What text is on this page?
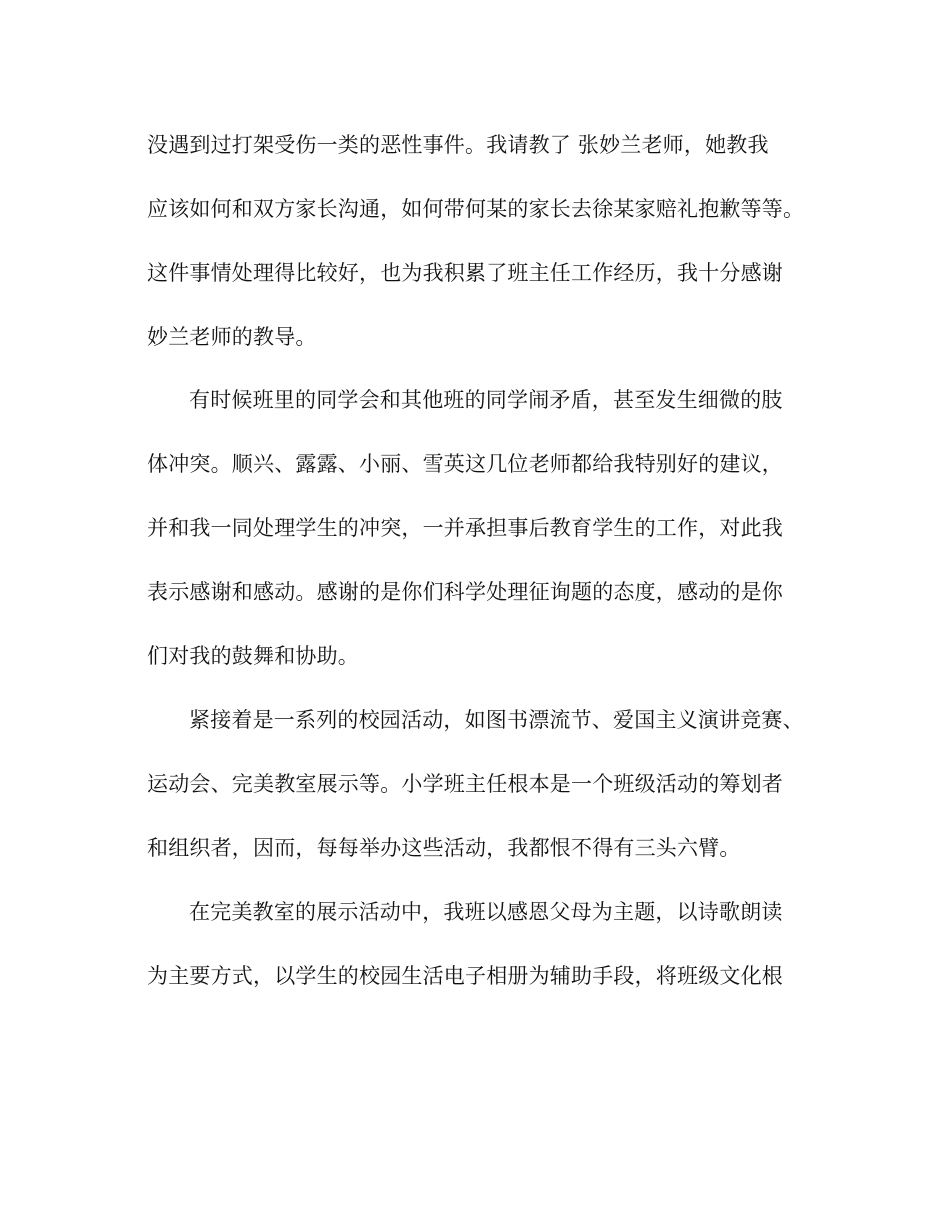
没遇到过打架受伤一类的恶性事件。我请教了 张妙兰老师，她教我

应该如何和双方家长沟通，如何带何某的家长去徐某家赔礼抱歉等等。

这件事情处理得比较好，也为我积累了班主任工作经历，我十分感谢

妙兰老师的教导。

有时候班里的同学会和其他班的同学闹矛盾，甚至发生细微的肢

体冲突。顺兴、露露、小丽、雪英这几位老师都给我特别好的建议，

并和我一同处理学生的冲突，一并承担事后教育学生的工作，对此我

表示感谢和感动。感谢的是你们科学处理征询题的态度，感动的是你

们对我的鼓舞和协助。

紧接着是一系列的校园活动，如图书漂流节、爱国主义演讲竞赛、

运动会、完美教室展示等。小学班主任根本是一个班级活动的筹划者

和组织者，因而，每每举办这些活动，我都恨不得有三头六臂。

在完美教室的展示活动中，我班以感恩父母为主题，以诗歌朗读

为主要方式，以学生的校园生活电子相册为辅助手段，将班级文化根
